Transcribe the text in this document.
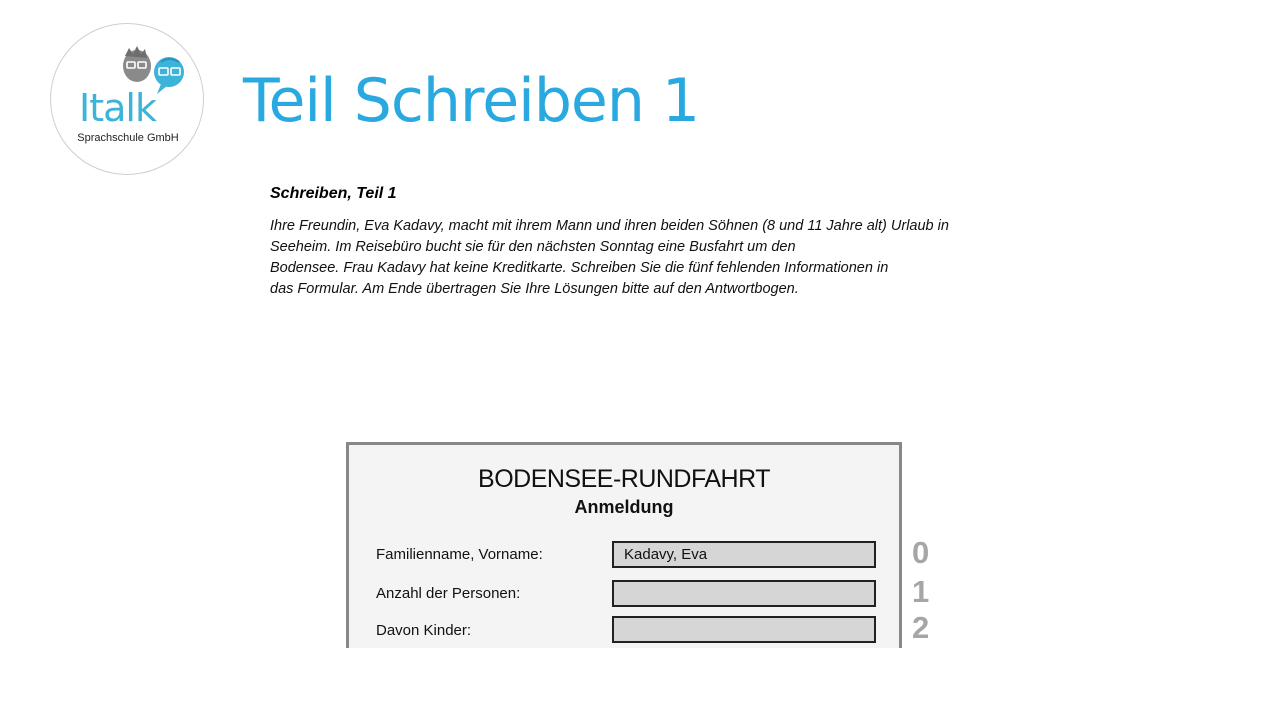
Italk
Sprachschule GmbH
Teil Schreiben 1
Schreiben, Teil 1
Ihre Freundin, Eva Kadavy, macht mit ihrem Mann und ihren beiden Söhnen (8 und 11 Jahre alt) Urlaub in
Seeheim. Im Reisebüro bucht sie für den nächsten Sonntag eine Busfahrt um den
Bodensee. Frau Kadavy hat keine Kreditkarte. Schreiben Sie die fünf fehlenden Informationen in
das Formular. Am Ende übertragen Sie Ihre Lösungen bitte auf den Antwortbogen.
BODENSEE-RUNDFAHRT
Anmeldung
Familienname, Vorname:
Kadavy, Eva
Anzahl der Personen:
Davon Kinder:
0
1
2
